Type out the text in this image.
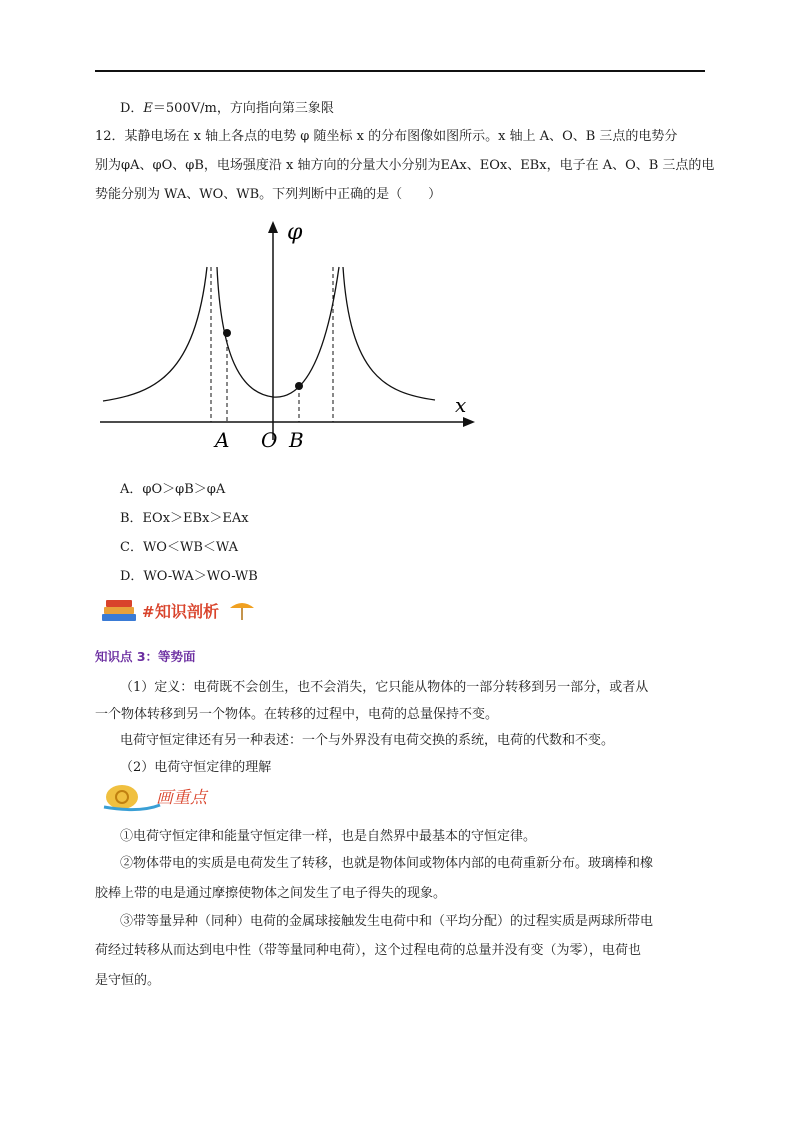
D．𝐸＝500V/m，方向指向第三象限
12．某静电场在 x 轴上各点的电势 φ 随坐标 x 的分布图像如图所示。x 轴上 A、O、B 三点的电势分
别为φA、φO、φB，电场强度沿 x 轴方向的分量大小分别为EAx、EOx、EBx，电子在 A、O、B 三点的电
势能分别为 WA、WO、WB。下列判断中正确的是（　　）
φ
x
A O B
A．φO＞φB＞φA
B．EOx＞EBx＞EAx
C．WO＜WB＜WA
D．WO-WA＞WO-WB
# 知识剖析
知识点 3：等势面
（1）定义：电荷既不会创生，也不会消失，它只能从物体的一部分转移到另一部分，或者从
一个物体转移到另一个物体。在转移的过程中，电荷的总量保持不变。
电荷守恒定律还有另一种表述：一个与外界没有电荷交换的系统，电荷的代数和不变。
（2）电荷守恒定律的理解
画重点
①电荷守恒定律和能量守恒定律一样，也是自然界中最基本的守恒定律。
②物体带电的实质是电荷发生了转移，也就是物体间或物体内部的电荷重新分布。玻璃棒和橡
胶棒上带的电是通过摩擦使物体之间发生了电子得失的现象。
③带等量异种（同种）电荷的金属球接触发生电荷中和（平均分配）的过程实质是两球所带电
荷经过转移从而达到电中性（带等量同种电荷），这个过程电荷的总量并没有变（为零），电荷也
是守恒的。
